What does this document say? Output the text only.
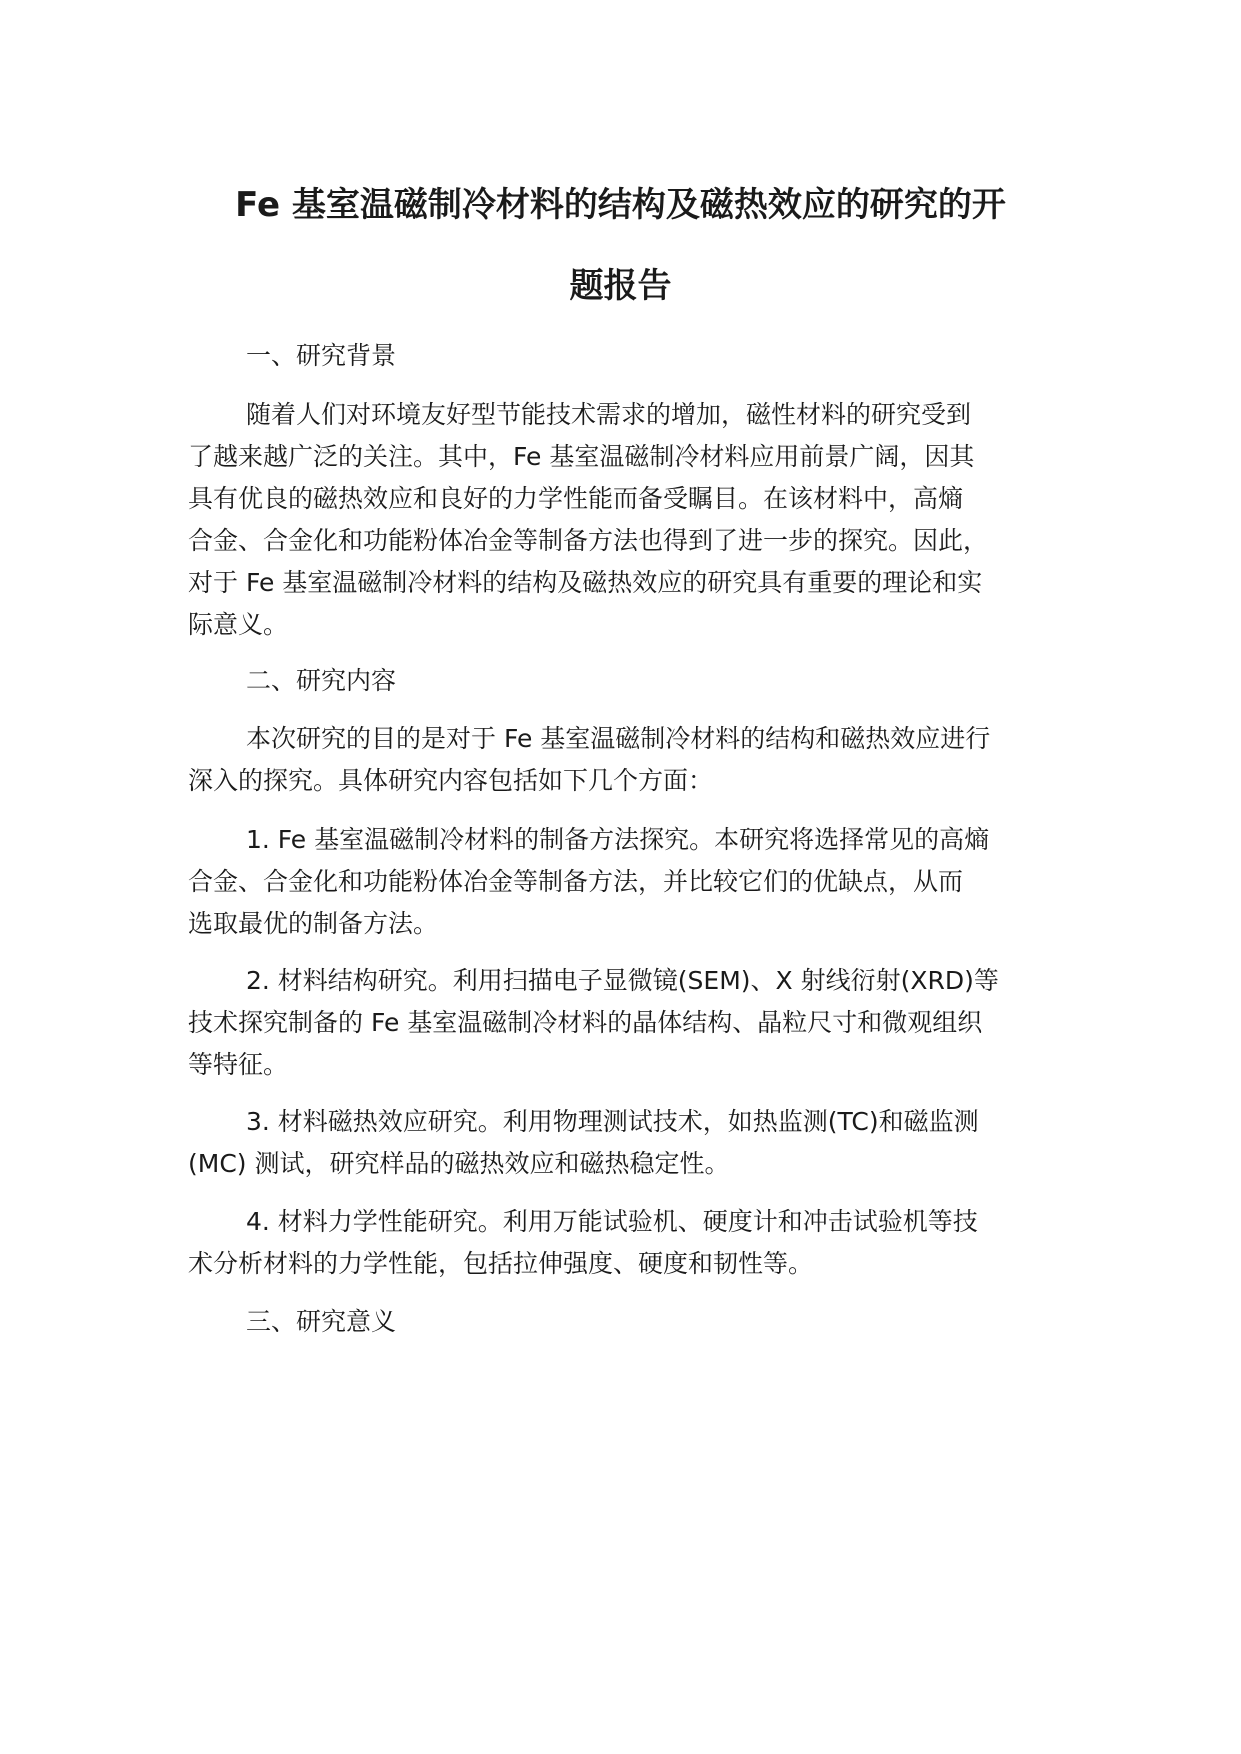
Fe 基室温磁制冷材料的结构及磁热效应的研究的开
题报告

一、研究背景

随着人们对环境友好型节能技术需求的增加，磁性材料的研究受到
了越来越广泛的关注。其中，Fe 基室温磁制冷材料应用前景广阔，因其
具有优良的磁热效应和良好的力学性能而备受瞩目。在该材料中，高熵
合金、合金化和功能粉体冶金等制备方法也得到了进一步的探究。因此，
对于 Fe 基室温磁制冷材料的结构及磁热效应的研究具有重要的理论和实
际意义。

二、研究内容

本次研究的目的是对于 Fe 基室温磁制冷材料的结构和磁热效应进行
深入的探究。具体研究内容包括如下几个方面：

1. Fe 基室温磁制冷材料的制备方法探究。本研究将选择常见的高熵
合金、合金化和功能粉体冶金等制备方法，并比较它们的优缺点，从而
选取最优的制备方法。

2. 材料结构研究。利用扫描电子显微镜(SEM)、X 射线衍射(XRD)等
技术探究制备的 Fe 基室温磁制冷材料的晶体结构、晶粒尺寸和微观组织
等特征。

3. 材料磁热效应研究。利用物理测试技术，如热监测(TC)和磁监测
(MC) 测试，研究样品的磁热效应和磁热稳定性。

4. 材料力学性能研究。利用万能试验机、硬度计和冲击试验机等技
术分析材料的力学性能，包括拉伸强度、硬度和韧性等。

三、研究意义
